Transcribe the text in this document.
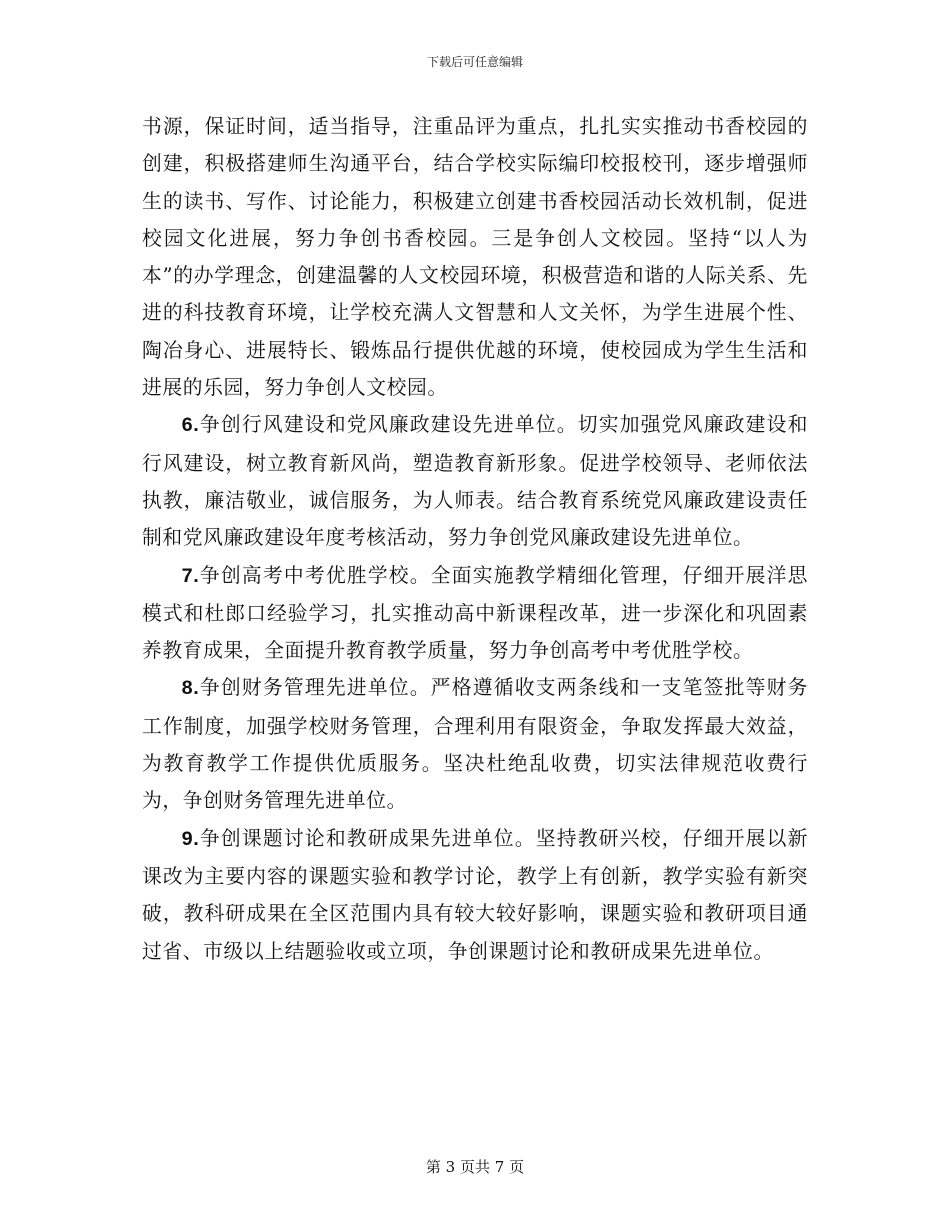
下载后可任意编辑

书源，保证时间，适当指导，注重品评为重点，扎扎实实推动书香校园的创建，积极搭建师生沟通平台，结合学校实际编印校报校刊，逐步增强师生的读书、写作、讨论能力，积极建立创建书香校园活动长效机制，促进校园文化进展，努力争创书香校园。三是争创人文校园。坚持“以人为本”的办学理念，创建温馨的人文校园环境，积极营造和谐的人际关系、先进的科技教育环境，让学校充满人文智慧和人文关怀，为学生进展个性、陶冶身心、进展特长、锻炼品行提供优越的环境，使校园成为学生生活和进展的乐园，努力争创人文校园。

6.争创行风建设和党风廉政建设先进单位。切实加强党风廉政建设和行风建设，树立教育新风尚，塑造教育新形象。促进学校领导、老师依法执教，廉洁敬业，诚信服务，为人师表。结合教育系统党风廉政建设责任制和党风廉政建设年度考核活动，努力争创党风廉政建设先进单位。

7.争创高考中考优胜学校。全面实施教学精细化管理，仔细开展洋思模式和杜郎口经验学习，扎实推动高中新课程改革，进一步深化和巩固素养教育成果，全面提升教育教学质量，努力争创高考中考优胜学校。

8.争创财务管理先进单位。严格遵循收支两条线和一支笔签批等财务工作制度，加强学校财务管理，合理利用有限资金，争取发挥最大效益，为教育教学工作提供优质服务。坚决杜绝乱收费，切实法律规范收费行为，争创财务管理先进单位。

9.争创课题讨论和教研成果先进单位。坚持教研兴校，仔细开展以新课改为主要内容的课题实验和教学讨论，教学上有创新，教学实验有新突破，教科研成果在全区范围内具有较大较好影响，课题实验和教研项目通过省、市级以上结题验收或立项，争创课题讨论和教研成果先进单位。

第 3 页共 7 页
